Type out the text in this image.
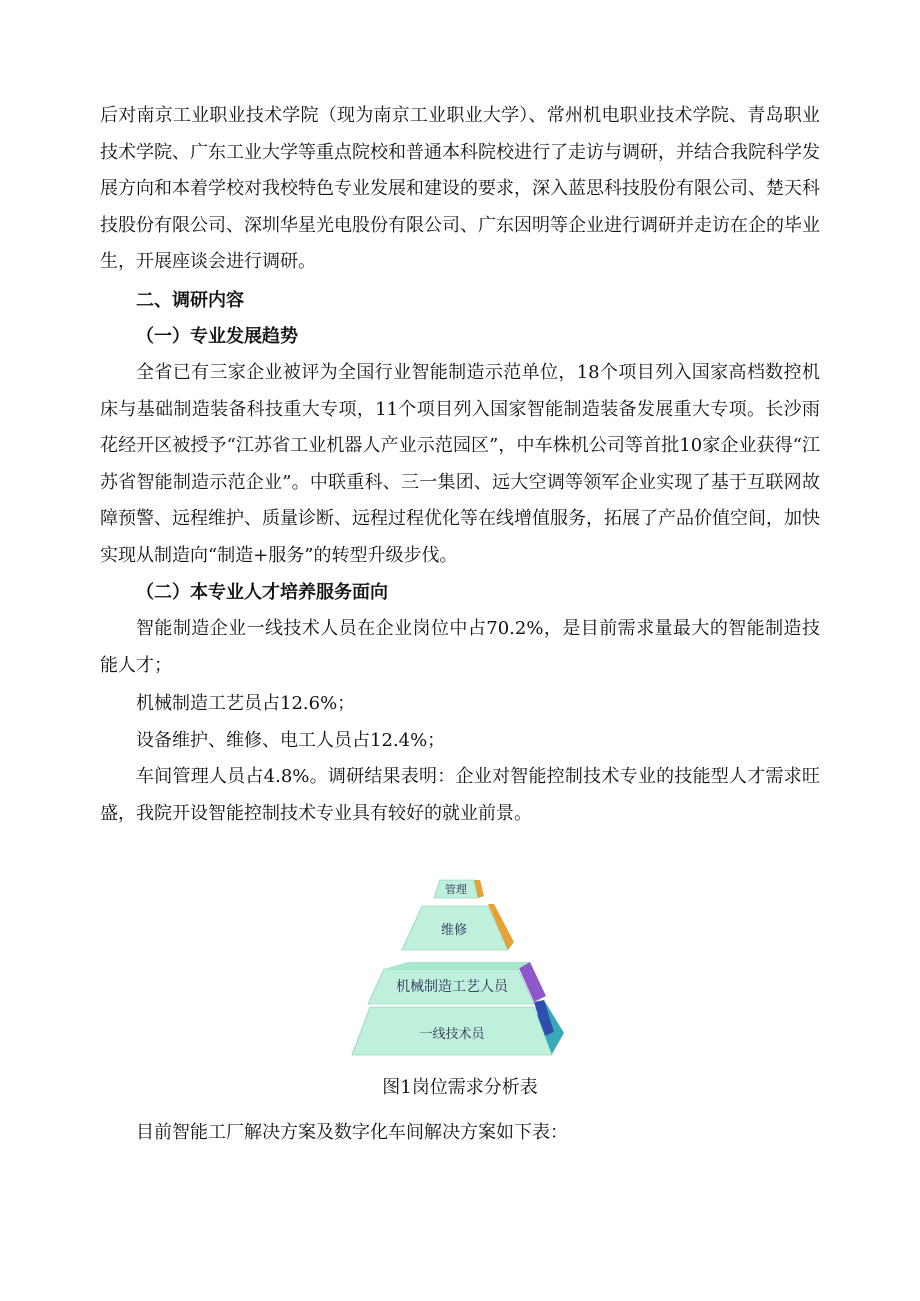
后对南京工业职业技术学院（现为南京工业职业大学）、常州机电职业技术学院、青岛职业技术学院、广东工业大学等重点院校和普通本科院校进行了走访与调研，并结合我院科学发展方向和本着学校对我校特色专业发展和建设的要求，深入蓝思科技股份有限公司、楚天科技股份有限公司、深圳华星光电股份有限公司、广东因明等企业进行调研并走访在企的毕业生，开展座谈会进行调研。

二、调研内容

（一）专业发展趋势

全省已有三家企业被评为全国行业智能制造示范单位，18个项目列入国家高档数控机床与基础制造装备科技重大专项，11个项目列入国家智能制造装备发展重大专项。长沙雨花经开区被授予“江苏省工业机器人产业示范园区”，中车株机公司等首批10家企业获得“江苏省智能制造示范企业”。中联重科、三一集团、远大空调等领军企业实现了基于互联网故障预警、远程维护、质量诊断、远程过程优化等在线增值服务，拓展了产品价值空间，加快实现从制造向“制造+服务”的转型升级步伐。

（二）本专业人才培养服务面向

智能制造企业一线技术人员在企业岗位中占70.2%，是目前需求量最大的智能制造技能人才；

机械制造工艺员占12.6%；

设备维护、维修、电工人员占12.4%；

车间管理人员占4.8%。调研结果表明：企业对智能控制技术专业的技能型人才需求旺盛，我院开设智能控制技术专业具有较好的就业前景。

管理
维修
机械制造工艺人员
一线技术员

图1岗位需求分析表

目前智能工厂解决方案及数字化车间解决方案如下表：
